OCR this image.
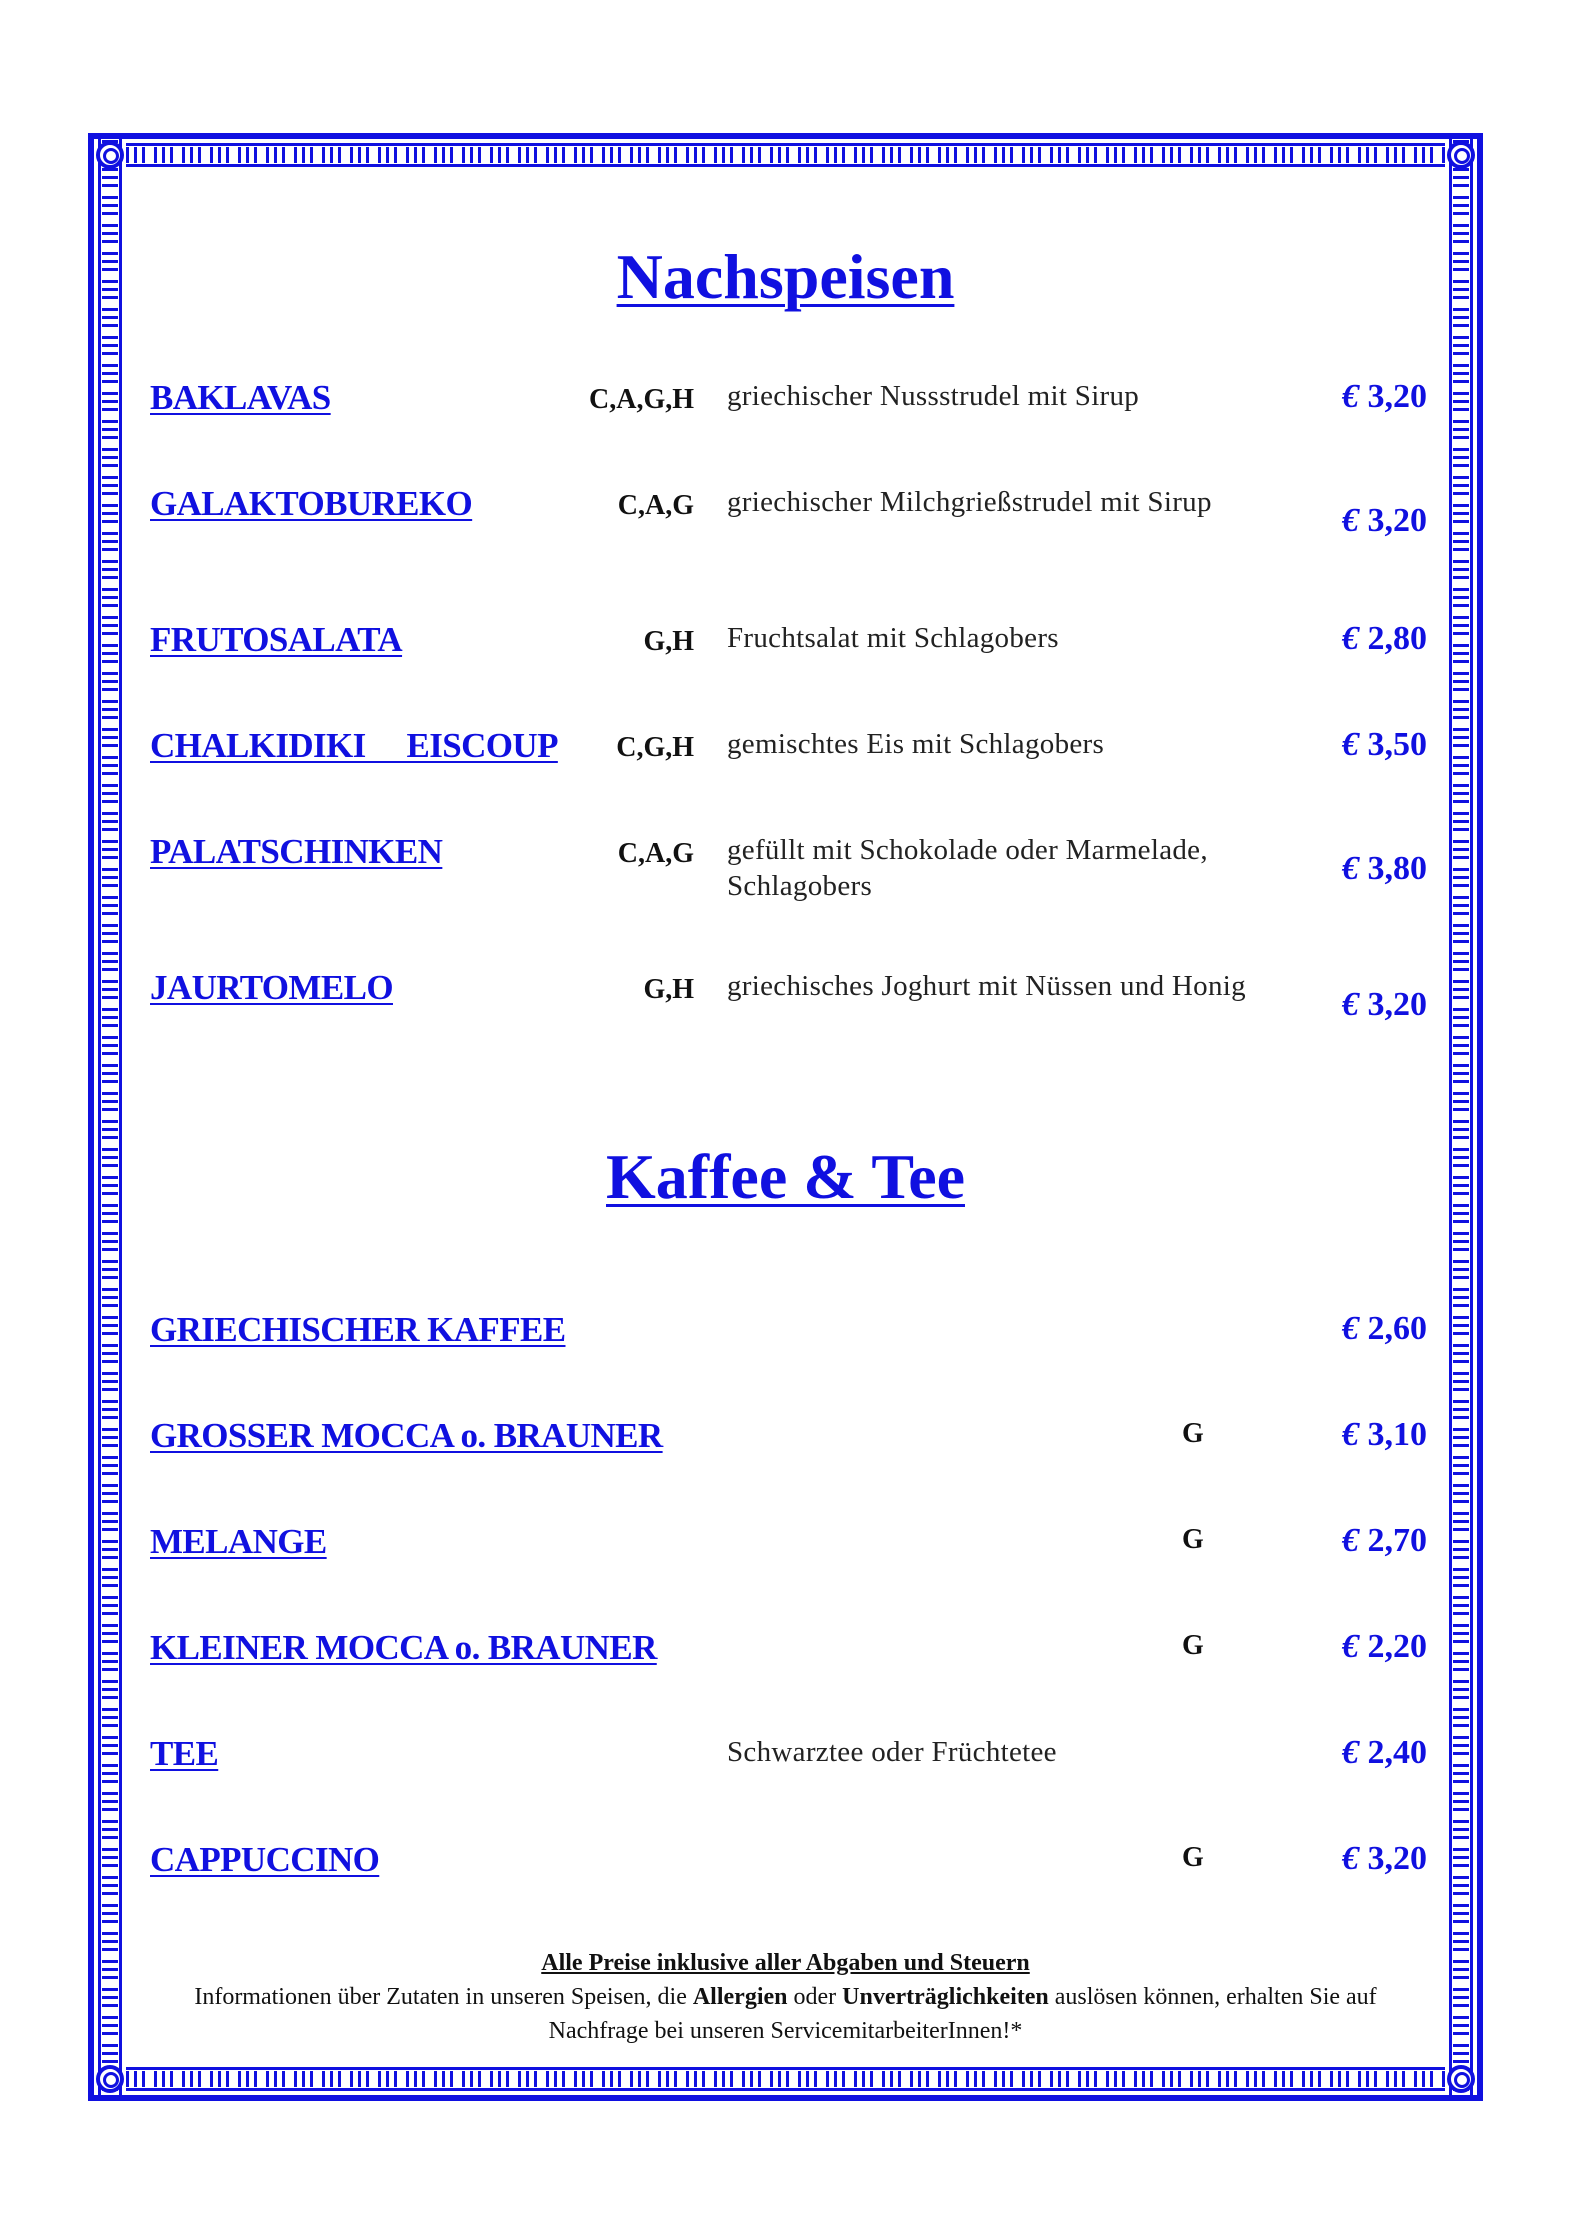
Nachspeisen
BAKLAVAS	C,A,G,H griechischer Nussstrudel mit Sirup	€ 3,20
GALAKTOBUREKO	C,A,G griechischer Milchgrießstrudel mit Sirup	€ 3,20
FRUTOSALATA	G,H Fruchtsalat mit Schlagobers	€ 2,80
CHALKIDIKI     EISCOUP C,G,H gemischtes Eis mit Schlagobers	€ 3,50
PALATSCHINKEN	C,A,G gefüllt mit Schokolade oder Marmelade, Schlagobers	€ 3,80
JAURTOMELO	G,H griechisches Joghurt mit Nüssen und Honig	€ 3,20
Kaffee & Tee
GRIECHISCHER KAFFEE	€ 2,60
GROSSER MOCCA o. BRAUNER	G	€ 3,10
MELANGE	G	€ 2,70
KLEINER MOCCA o. BRAUNER	G	€ 2,20
TEE	Schwarztee oder Früchtetee	€ 2,40
CAPPUCCINO	G	€ 3,20
Alle Preise inklusive aller Abgaben und Steuern
Informationen über Zutaten in unseren Speisen, die Allergien oder Unverträglichkeiten auslösen können, erhalten Sie auf Nachfrage bei unseren ServicemitarbeiterInnen!*
